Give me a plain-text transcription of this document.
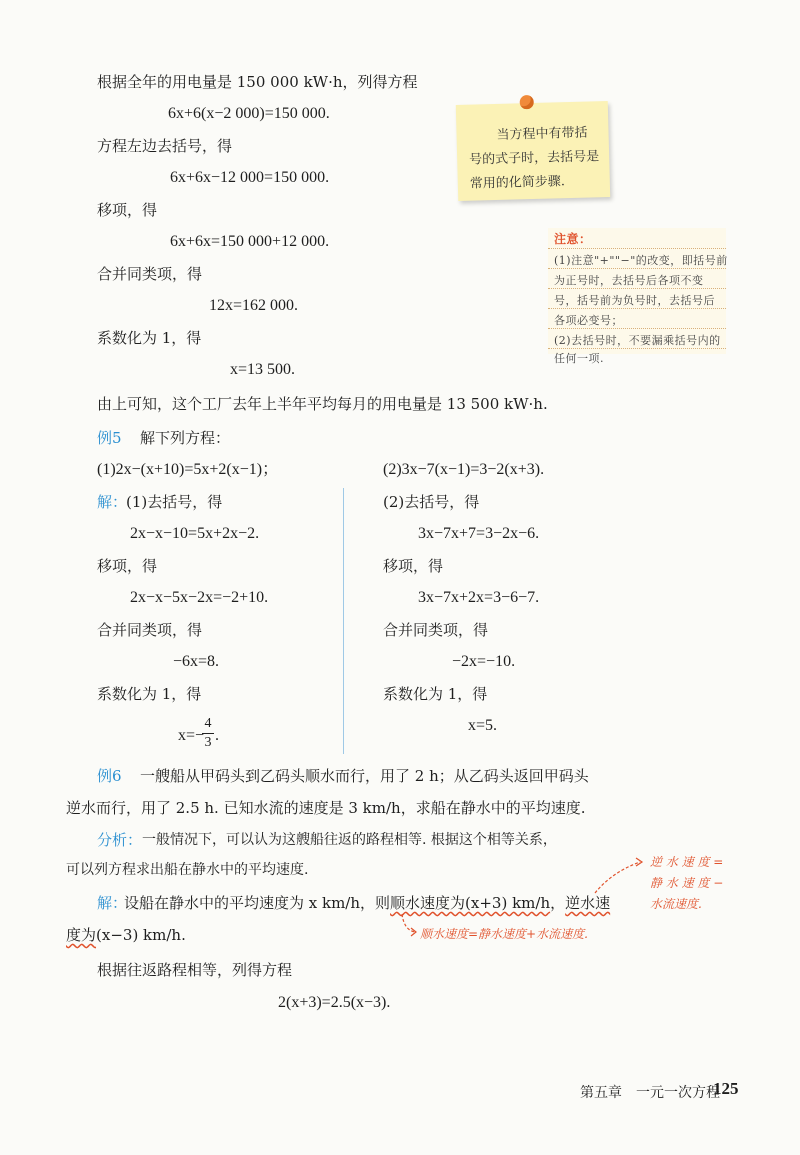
根据全年的用电量是 150 000 kW·h，列得方程
6x+6(x−2 000)=150 000.
方程左边去括号，得
6x+6x−12 000=150 000.
移项，得
6x+6x=150 000+12 000.
合并同类项，得
12x=162 000.
系数化为 1，得
x=13 500.
由上可知，这个工厂去年上半年平均每月的用电量是 13 500 kW·h.
当方程中有带括
号的式子时，去括号是
常用的化简步骤.
注意：
(1)注意"+""−"的改变，即括号前
为正号时，去括号后各项不变
号，括号前为负号时，去括号后
各项必变号；
(2)去括号时，不要漏乘括号内的
任何一项.
例5 解下列方程：
(1)2x−(x+10)=5x+2(x−1)；	(2)3x−7(x−1)=3−2(x+3).
解：
(1)去括号，得
2x−x−10=5x+2x−2.
移项，得
2x−x−5x−2x=−2+10.
合并同类项，得
−6x=8.
系数化为 1，得
x=−
4
3 .
(2)去括号，得
3x−7x+7=3−2x−6.
移项，得
3x−7x+2x=3−6−7.
合并同类项，得
−2x=−10.
系数化为 1，得
x=5.
例6 一艘船从甲码头到乙码头顺水而行，用了 2 h；从乙码头返回甲码头
逆水而行，用了 2.5 h. 已知水流的速度是 3 km/h，求船在静水中的平均速度.
分析： 一般情况下，可以认为这艘船往返的路程相等. 根据这个相等关系，
可以列方程求出船在静水中的平均速度.
解：
设船在静水中的平均速度为 x km/h，则顺水速度为(x+3) km/h，逆水速
度为(x−3) km/h.
逆 水 速 度 =
静 水 速 度 −
水流速度.
顺水速度=静水速度+水流速度.
根据往返路程相等，列得方程
2(x+3)=2.5(x−3).
第五章　一元一次方程
125
